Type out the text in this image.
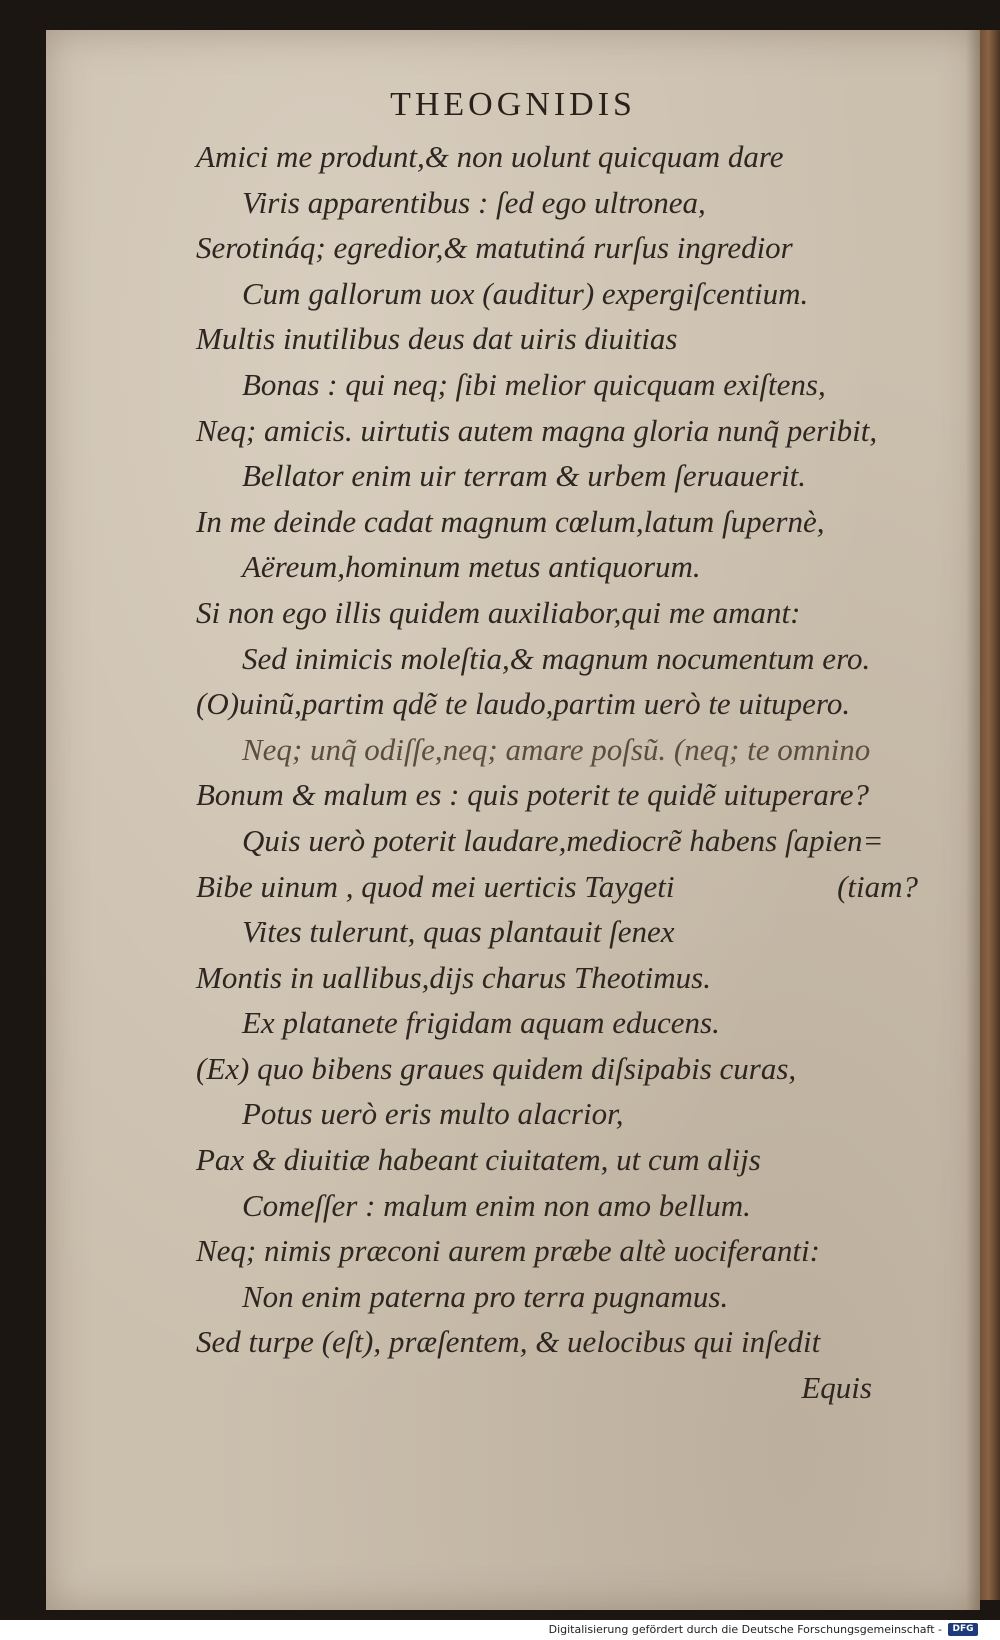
THEOGNIDIS
Amici me produnt,& non uolunt quicquam dare
Viris apparentibus : ſed ego ultronea,
Serotináq; egredior,& matutiná rurſus ingredior
Cum gallorum uox (auditur) expergiſcentium.
Multis inutilibus deus dat uiris diuitias
Bonas : qui neq; ſibi melior quicquam exiſtens,
Neq; amicis. uirtutis autem magna gloria nunq̃ peribit,
Bellator enim uir terram & urbem ſeruauerit.
In me deinde cadat magnum cœlum,latum ſupernè,
Aëreum,hominum metus antiquorum.
Si non ego illis quidem auxiliabor,qui me amant:
Sed inimicis moleſtia,& magnum nocumentum ero.
(O)uinũ,partim qdẽ te laudo,partim uerò te uitupero.
Neq; unq̃ odiſſe,neq; amare poſsũ. (neq; te omnino
Bonum & malum es : quis poterit te quidẽ uituperare?
Quis uerò poterit laudare,mediocrẽ habens ſapien=
Bibe uinum , quod mei uerticis Taygeti	(tiam?
Vites tulerunt, quas plantauit ſenex
Montis in uallibus,dijs charus Theotimus.
Ex platanete frigidam aquam educens.
(Ex) quo bibens graues quidem diſsipabis curas,
Potus uerò eris multo alacrior,
Pax & diuitiæ habeant ciuitatem, ut cum alijs
Comeſſer : malum enim non amo bellum.
Neq; nimis præconi aurem præbe altè uociferanti:
Non enim paterna pro terra pugnamus.
Sed turpe (eſt), præſentem, & uelocibus qui inſedit
Equis
Digitalisierung gefördert durch die Deutsche Forschungsgemeinschaft -	DFG
